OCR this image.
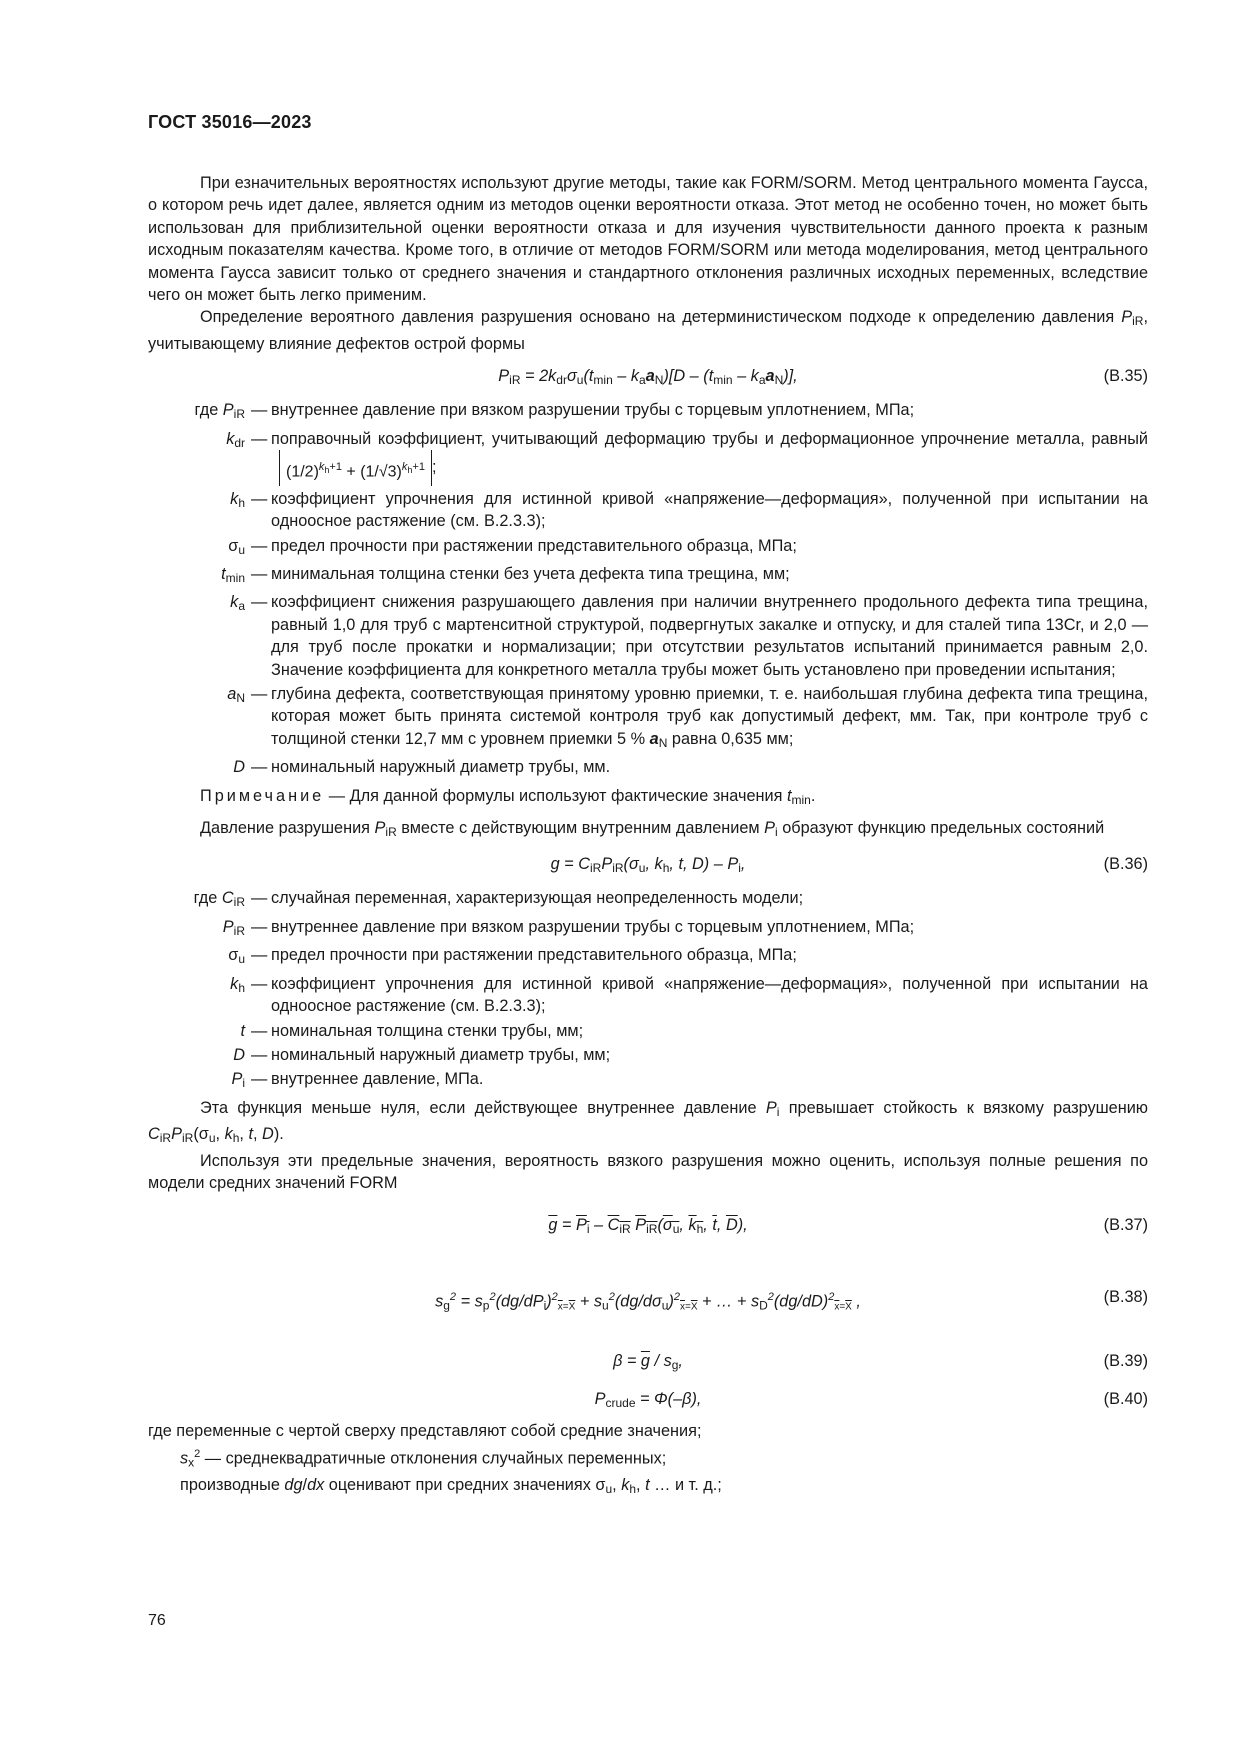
ГОСТ 35016—2023

При езначительных вероятностях используют другие методы, такие как FORM/SORM. Метод центрального момента Гаусса, о котором речь идет далее, является одним из методов оценки вероятности отказа. Этот метод не особенно точен, но может быть использован для приблизительной оценки вероятности отказа и для изучения чувствительности данного проекта к разным исходным показателям качества. Кроме того, в отличие от методов FORM/SORM или метода моделирования, метод центрального момента Гаусса зависит только от среднего значения и стандартного отклонения различных исходных переменных, вследствие чего он может быть легко применим.

Определение вероятного давления разрушения основано на детерминистическом подходе к определению давления $P_{iR}$, учитывающему влияние дефектов острой формы

$P_{iR} = 2k_{dr}\sigma_u(t_{min} - k_aa_N)[D - (t_{min} - k_aa_N)]$,	(B.35)
где $P_{iR}$ — внутреннее давление при вязком разрушении трубы с торцевым уплотнением, МПа;
$k_{dr}$ — поправочный коэффициент, учитывающий деформацию трубы и деформационное упрочнение металла, равный $(1/2)^{k_h+1} + (1/√3)^{k_h+1}$ ;
$k_h$ — коэффициент упрочнения для истинной кривой «напряжение—деформация», полученной при испытании на одноосное растяжение (см. B.2.3.3);
$\sigma_u$ — предел прочности при растяжении представительного образца, МПа;
$t_{min}$ — минимальная толщина стенки без учета дефекта типа трещина, мм;
$k_a$ — коэффициент снижения разрушающего давления при наличии внутреннего продольного дефекта типа трещина, равный 1,0 для труб с мартенситной структурой, подвергнутых закалке и отпуску, и для сталей типа 13Cr, и 2,0 — для труб после прокатки и нормализации; при отсутствии результатов испытаний принимается равным 2,0. Значение коэффициента для конкретного металла трубы может быть установлено при проведении испытания;
$a_N$ — глубина дефекта, соответствующая принятому уровню приемки, т. е. наибольшая глубина дефекта типа трещина, которая может быть принята системой контроля труб как допустимый дефект, мм. Так, при контроле труб с толщиной стенки 12,7 мм с уровнем приемки 5 % $a_N$ равна 0,635 мм;
D — номинальный наружный диаметр трубы, мм.

Примечание — Для данной формулы используют фактические значения $t_{min}$.

Давление разрушения $P_{iR}$ вместе с действующим внутренним давлением $P_i$ образуют функцию предельных состояний

$g = C_{iR}P_{iR}(\sigma_u$, $k_h$, t, $D) - P_i$,	(B.36)
где $C_{iR}$ — случайная переменная, характеризующая неопределенность модели;
$P_{iR}$ — внутреннее давление при вязком разрушении трубы с торцевым уплотнением, МПа;
$\sigma_u$ — предел прочности при растяжении представительного образца, МПа;
$k_h$ — коэффициент упрочнения для истинной кривой «напряжение—деформация», полученной при испытании на одноосное растяжение (см. B.2.3.3);
t — номинальная толщина стенки трубы, мм;
D — номинальный наружный диаметр трубы, мм;
$P_i$ — внутреннее давление, МПа.

Эта функция меньше нуля, если действующее внутреннее давление $P_i$ превышает стойкость к вязкому разрушению $C_{iR}P_{iR}(\sigma_u$, $k_h$, t, D).

Используя эти предельные значения, вероятность вязкого разрушения можно оценить, используя полные решения по модели средних значений FORM

$\overline{g} = P_i - C_{iR}$ $P_{iR}(\sigma_u$, $k_h$, $\overline{t}$, $\overline{D}$),	(B.37)
$s_g^2 = s_p^2(dg/dP_i)^2_{\overline{x}=\overline{X}} + s_u^2(dg/d\sigma_u)^2_{\overline{x}=\overline{X}}$ + … + $s_D^2(dg/dD)^2_{\overline{x}=\overline{X}}$ ,	(B.38)
$\beta = \overline{g} / s_g$,	(B.39)
$P_{crude} = \Phi(-\beta)$,	(B.40)

где переменные с чертой сверху представляют собой средние значения;

$s_x^2$ — среднеквадратичные отклонения случайных переменных;

производные dg/dx оценивают при средних значениях $\sigma_u$, $k_h$, t … и т. д.;

76
